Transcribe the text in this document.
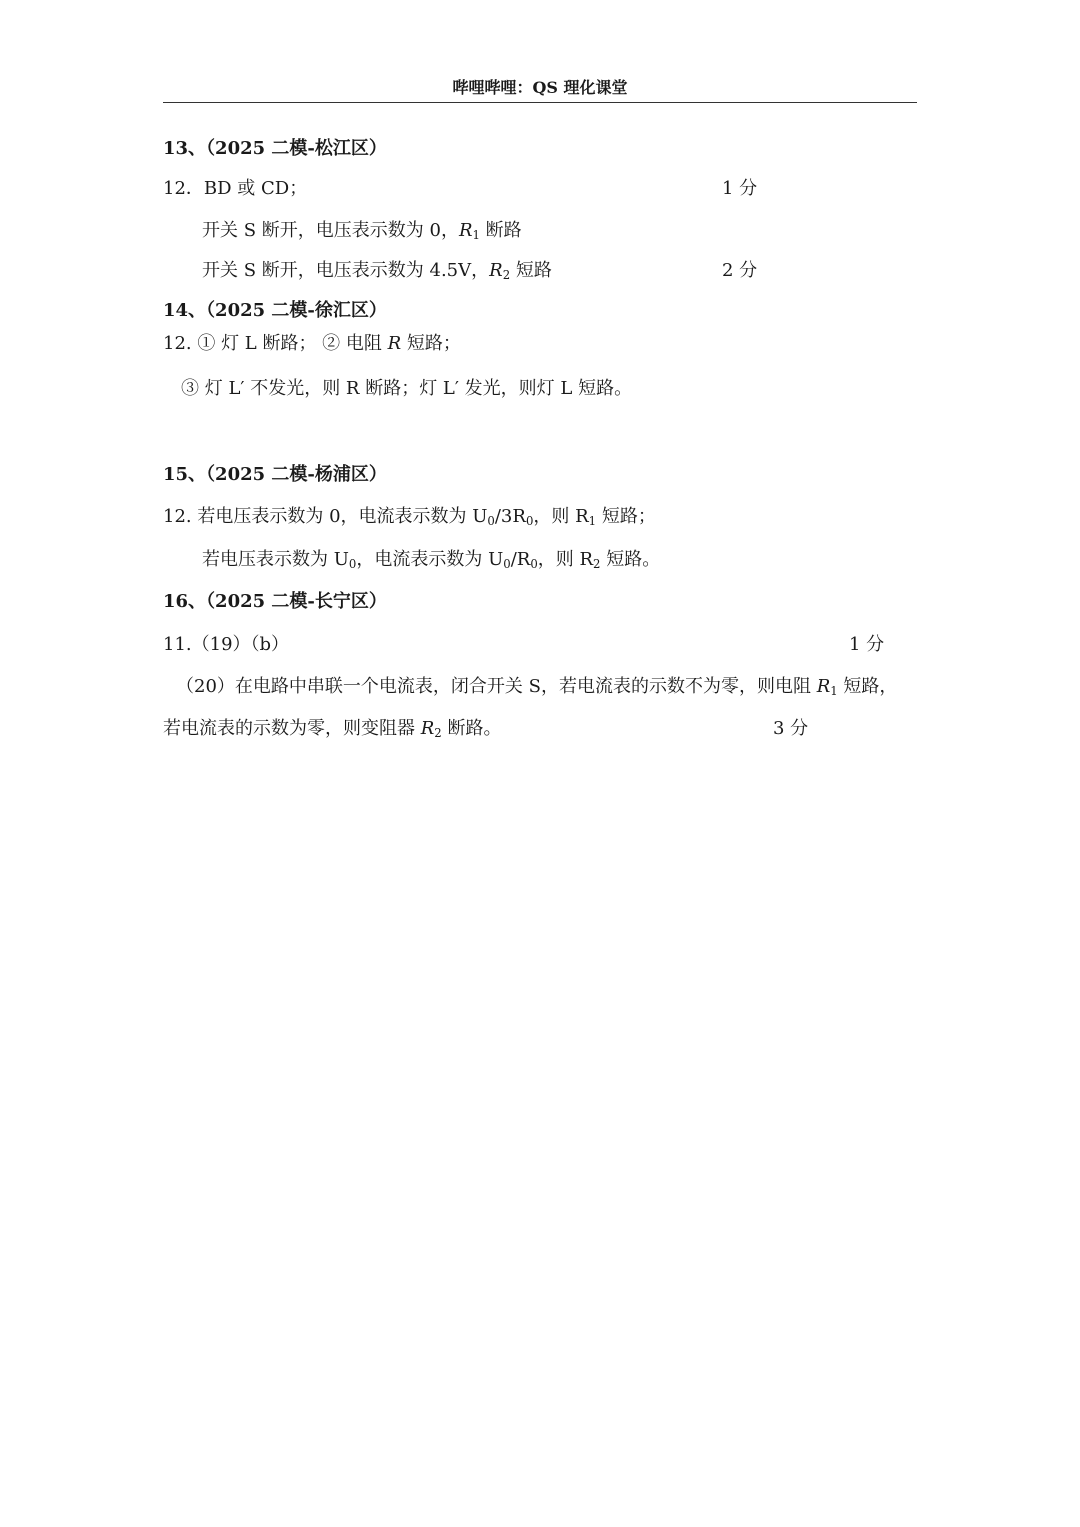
哔哩哔哩：QS 理化课堂
13、（2025 二模-松江区）
12．BD 或 CD；	1 分
开关 S 断开，电压表示数为 0，$R_1$ 断路
开关 S 断开，电压表示数为 4.5V，$R_2$ 短路	2 分
14、（2025 二模-徐汇区）
12. ① 灯 L 断路； ② 电阻 R 短路；
③ 灯 L′ 不发光，则 R 断路；灯 L′ 发光，则灯 L 短路。
15、（2025 二模-杨浦区）
12. 若电压表示数为 0，电流表示数为 $U_0/3R_0$，则 $R_1$ 短路；
若电压表示数为 $U_0$，电流表示数为 $U_0/R_0$，则 $R_2$ 短路。
16、（2025 二模-长宁区）
11.（19）（b）	1 分
（20）在电路中串联一个电流表，闭合开关 S，若电流表的示数不为零，则电阻 $R_1$ 短路，
若电流表的示数为零，则变阻器 $R_2$ 断路。	3 分
